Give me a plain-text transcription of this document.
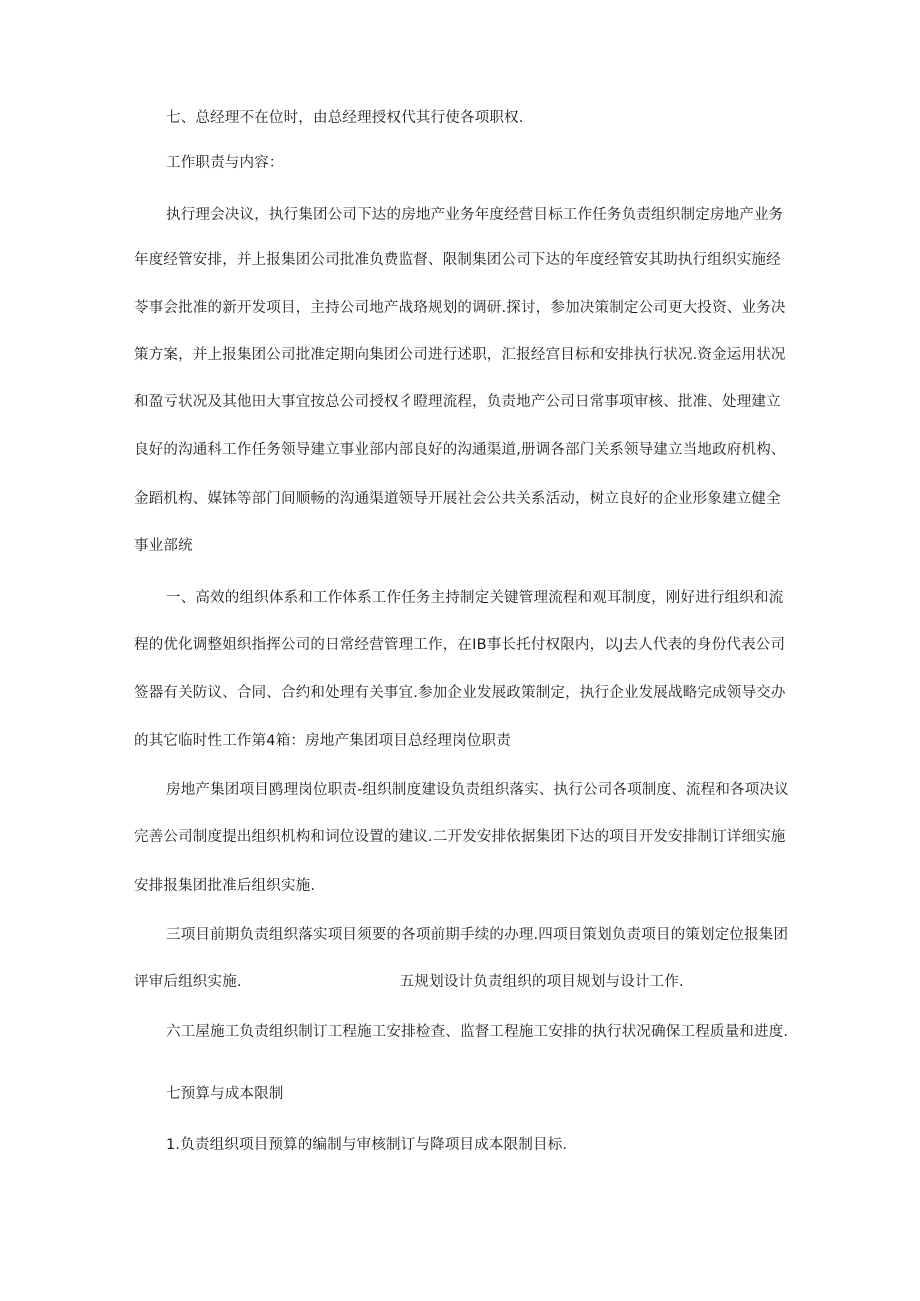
七、总经理不在位时，由总经理授权代其行使各项职权.
工作职责与内容：
执行理会决议，执行集团公司下达的房地产业务年度经营目标工作任务负责组织制定房地产业务
年度经管安排，并上报集团公司批准负费监督、限制集团公司下达的年度经管安其助执行组织实施经
苓事会批准的新开发项目，主持公司地产战珞规划的调研.探讨，参加决策制定公司更大投资、业务决
策方案，并上报集团公司批准定期向集团公司进行述职，汇报经宫目标和安排执行状况.资金运用状况
和盈亏状况及其他田大事宜按总公司授权彳瞪理流程，负责地产公司日常事项审核、批准、处理建立
良好的沟通科工作任务领导建立事业部内部良好的沟通渠道,册调各部门关系领导建立当地政府机构、
金蹈机构、媒钵等部门间顺畅的沟通渠道领导开展社会公共关系活动，树立良好的企业形象建立健全
事业部统
一、高效的组织体系和工作体系工作任务主持制定关键管理流程和观耳制度，刚好进行组织和流
程的优化调整姐织指挥公司的日常经营管理工作，在IB事长托付权限内，以J去人代表的身份代表公司
签器有关防议、合同、合约和处理有关事宜.参加企业发展政策制定，执行企业发展战略完成领导交办
的其它临时性工作第4箱：房地产集团项目总经理岗位职责
房地产集团项目鸥理岗位职责-组织制度建设负责组织落实、执行公司各项制度、流程和各项决议
完善公司制度提出组织机构和词位设置的建议.二开发安排依据集团下达的项目开发安排制订详细实施
安排报集团批准后组织实施.
三项目前期负责组织落实项目须要的各项前期手续的办理.四项目策划负责项目的策划定位报集团
评审后组织实施.	五规划设计负责组织的项目规划与设计工作.
六工屋施工负责组织制订工程施工安排检查、监督工程施工安排的执行状况确保工程质量和进度.
七预算与成本限制
1.负责组织项目预算的编制与审核制订与降项目成本限制目标.
